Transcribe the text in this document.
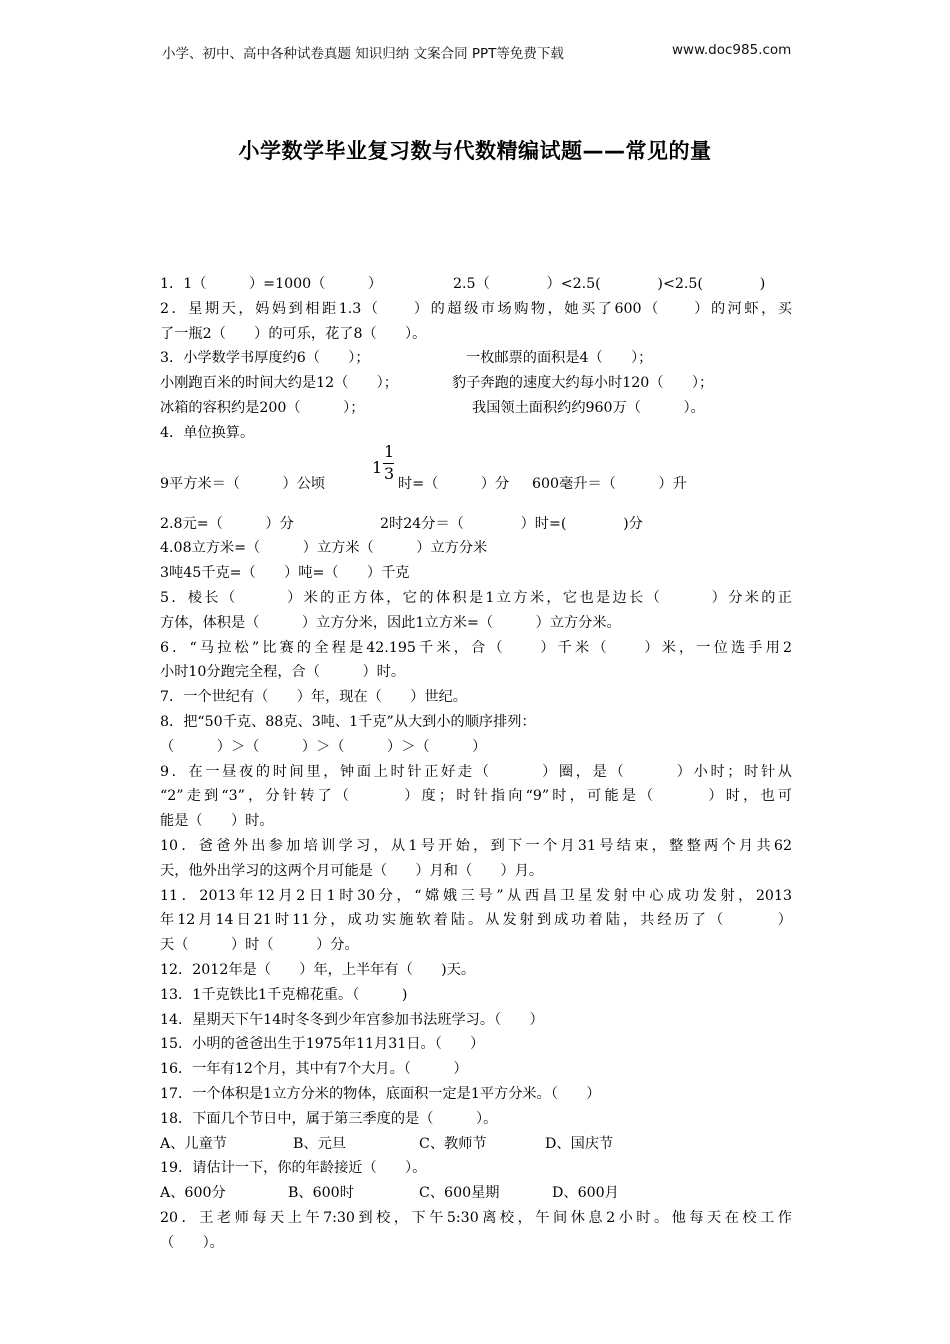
小学、初中、高中各种试卷真题 知识归纳 文案合同 PPT等免费下载	www.doc985.com
小学数学毕业复习数与代数精编试题——常见的量
1．1（　　　）=1000（　　　）	2.5（　　　　）<2.5(　　　　)<2.5(　　　　)
2．星期天，妈妈到相距1.3（　　）的超级市场购物，她买了600（　　）的河虾，买
了一瓶2（　　）的可乐，花了8（　　）。
3．小学数学书厚度约6（　　）；	一枚邮票的面积是4（　　）；
小刚跑百米的时间大约是12（　　）；	豹子奔跑的速度大约每小时120（　　）；
冰箱的容积约是200（　　　）；	我国领土面积约约960万（　　　）。
4．单位换算。
9平方米＝（　　　）公顷
1
1
3
时=（　　　）分 600毫升＝（　　　）升
2.8元=（　　　）分	2时24分＝（　　　　）时=(　　　　)分
4.08立方米=（　　　）立方米（　　　）立方分米
3吨45千克=（　　）吨=（　　）千克
5．棱长（　　　）米的正方体，它的体积是1立方米，它也是边长（　　　）分米的正
方体，体积是（　　　）立方分米，因此1立方米=（　　　）立方分米。
6．“马拉松”比赛的全程是42.195千米，合（　　）千米（　　）米，一位选手用2
小时10分跑完全程，合（　　　）时。
7．一个世纪有（　　）年，现在（　　）世纪。
8．把“50千克、88克、3吨、1千克”从大到小的顺序排列：
（　　　）＞（　　　）＞（　　　）＞（　　　）
9．在一昼夜的时间里，钟面上时针正好走（　　　）圈，是（　　　）小时；时针从
“2”走到“3”，分针转了（　　　）度；时针指向“9”时，可能是（　　　）时，也可
能是（　　）时。
10．爸爸外出参加培训学习，从1号开始，到下一个月31号结束，整整两个月共62
天，他外出学习的这两个月可能是（　　）月和（　　）月。
11．2013年12月2日1时30分，“嫦娥三号”从西昌卫星发射中心成功发射，2013
年12月14日21时11分，成功实施软着陆。从发射到成功着陆，共经历了（　　　）
天（　　　）时（　　　）分。
12．2012年是（　　）年，上半年有（　　)天。
13．1千克铁比1千克棉花重。（　　　)
14．星期天下午14时冬冬到少年宫参加书法班学习。（　　）
15．小明的爸爸出生于1975年11月31日。（　　）
16．一年有12个月，其中有7个大月。（　　　）
17．一个体积是1立方分米的物体，底面积一定是1平方分米。（　　）
18．下面几个节日中，属于第三季度的是（　　　）。
A、儿童节	B、元旦	C、教师节	D、国庆节
19．请估计一下，你的年龄接近（　　）。
A、600分	B、600时	C、600星期	D、600月
20．王老师每天上午7:30到校，下午5:30离校，午间休息2小时。他每天在校工作
（　　）。
